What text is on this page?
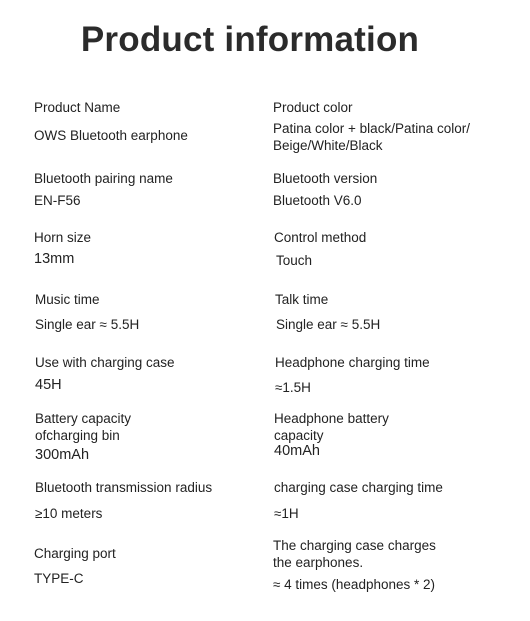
Product information
Product Name
OWS Bluetooth earphone
Product color
Patina color + black/Patina color/
Beige/White/Black
Bluetooth pairing name
EN-F56
Bluetooth version
Bluetooth V6.0
Horn size
13mm
Control method
Touch
Music time
Single ear ≈ 5.5H
Talk time
Single ear ≈ 5.5H
Use with charging case
45H
Headphone charging time
≈1.5H
Battery capacity
ofcharging bin
300mAh
Headphone battery
capacity
40mAh
Bluetooth transmission radius
≥10 meters
charging case charging time
≈1H
Charging port
TYPE-C
The charging case charges
the earphones.
≈ 4 times (headphones * 2)
